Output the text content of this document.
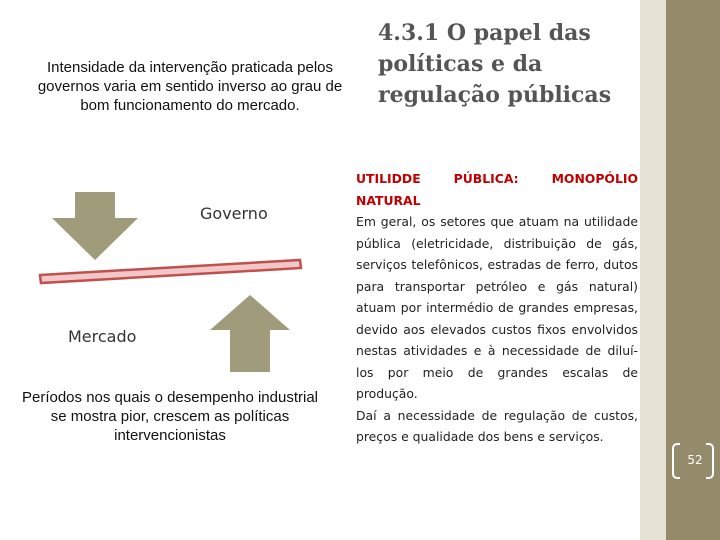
52
Intensidade da intervenção praticada pelos governos varia em sentido inverso ao grau de bom funcionamento do mercado.
4.3.1 O papel das políticas e da regulação públicas
Governo
Mercado
Períodos nos quais o desempenho industrial se mostra pior, crescem as políticas intervencionistas
UTILIDDE	PÚBLICA:	MONOPÓLIO
NATURAL

Em geral, os setores que atuam na utilidade pública (eletricidade, distribuição de gás, serviços telefônicos, estradas de ferro, dutos para transportar petróleo e gás natural) atuam por intermédio de grandes empresas, devido aos elevados custos fixos envolvidos nestas atividades e à necessidade de diluí-los por meio de grandes escalas de produção.

Daí a necessidade de regulação de custos, preços e qualidade dos bens e serviços.
